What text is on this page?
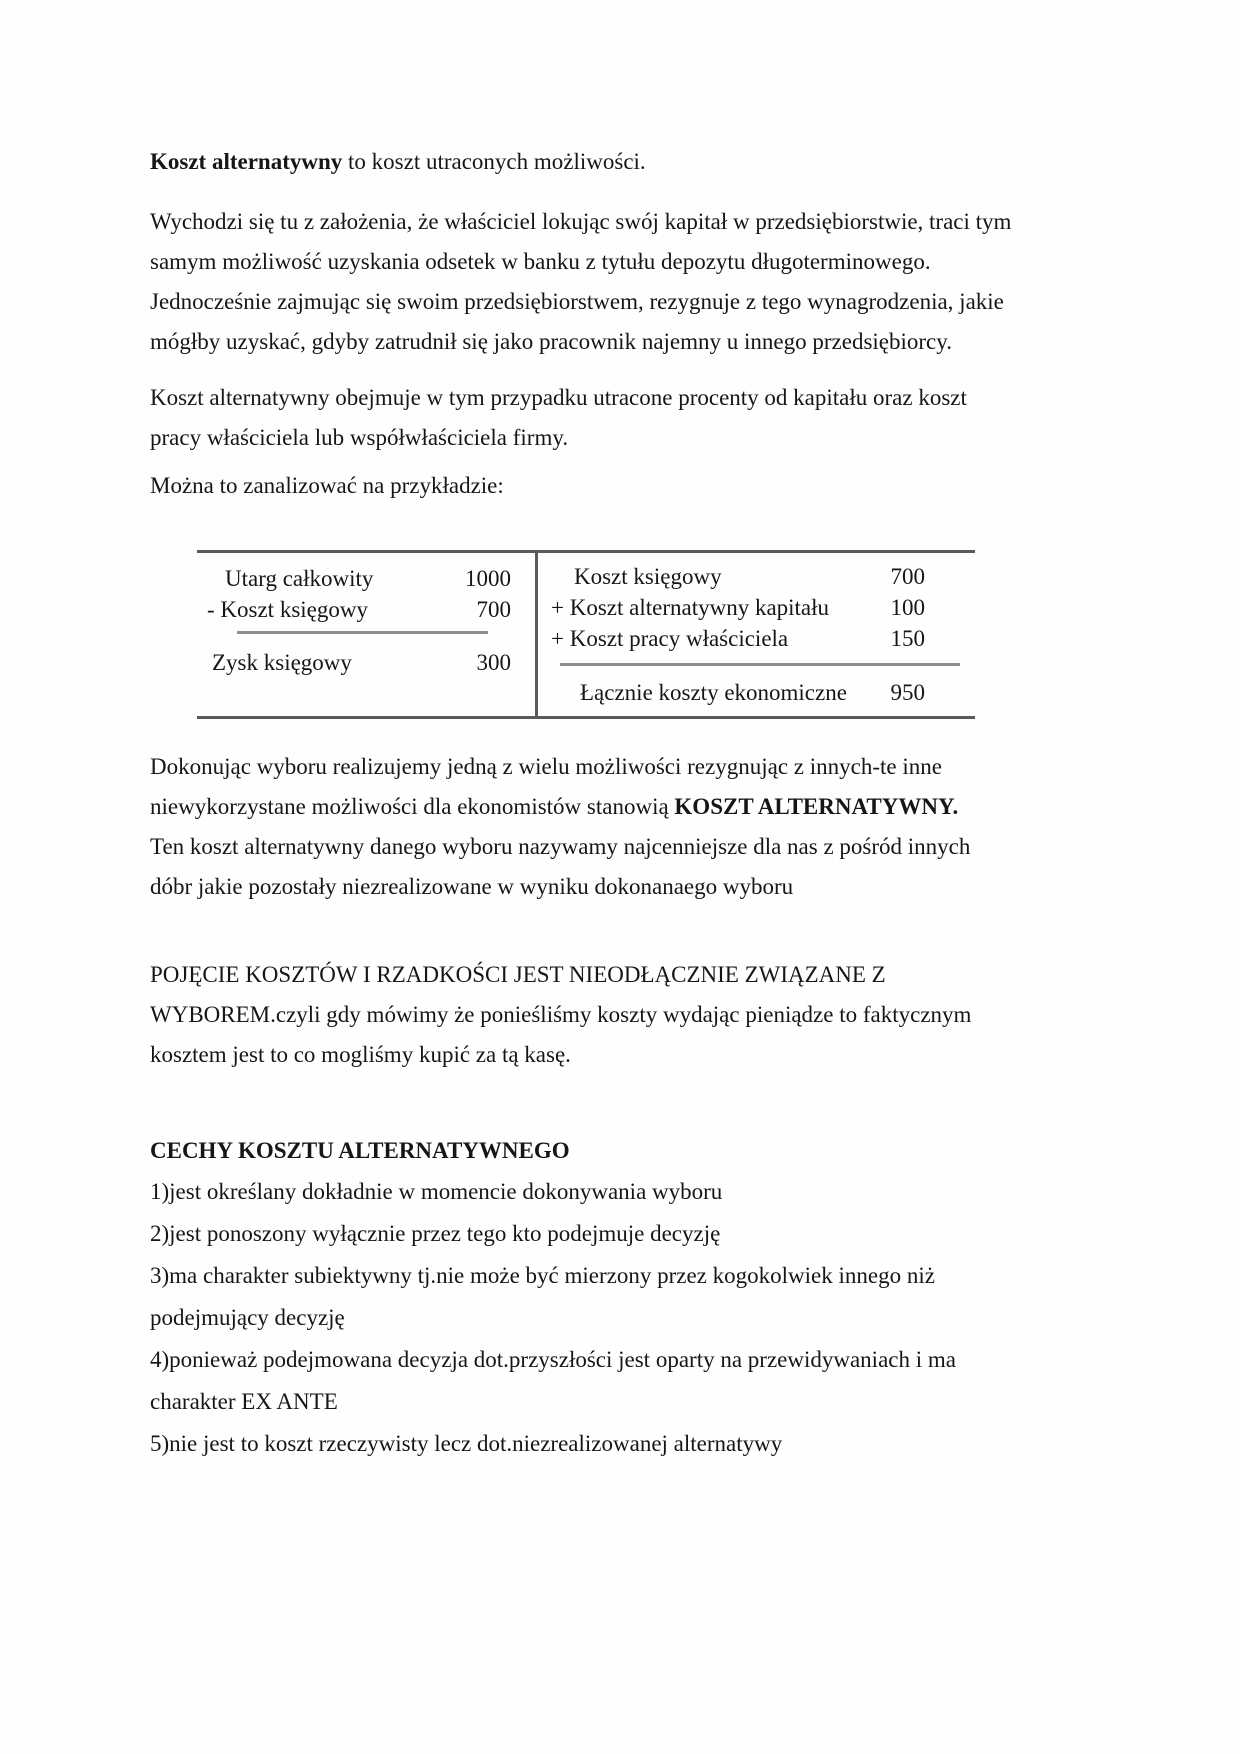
Koszt alternatywny to koszt utraconych możliwości.
Wychodzi się tu z założenia, że właściciel lokując swój kapitał w przedsiębiorstwie, traci tym
samym możliwość uzyskania odsetek w banku z tytułu depozytu długoterminowego.
Jednocześnie zajmując się swoim przedsiębiorstwem, rezygnuje z tego wynagrodzenia, jakie
mógłby uzyskać, gdyby zatrudnił się jako pracownik najemny u innego przedsiębiorcy.
Koszt alternatywny obejmuje w tym przypadku utracone procenty od kapitału oraz koszt
pracy właściciela lub współwłaściciela firmy.
Można to zanalizować na przykładzie:
Utarg całkowity	1000
- Koszt księgowy	700
Zysk księgowy	300
Koszt księgowy	700
+ Koszt alternatywny kapitału	100
+ Koszt pracy właściciela	150
Łącznie koszty ekonomiczne 950
Dokonując wyboru realizujemy jedną z wielu możliwości rezygnując z innych-te inne
niewykorzystane możliwości dla ekonomistów stanowią KOSZT ALTERNATYWNY.
Ten koszt alternatywny danego wyboru nazywamy najcenniejsze dla nas z pośród innych
dóbr jakie pozostały niezrealizowane w wyniku dokonanaego wyboru
POJĘCIE KOSZTÓW I RZADKOŚCI JEST NIEODŁĄCZNIE ZWIĄZANE Z
WYBOREM.czyli gdy mówimy że ponieśliśmy koszty wydając pieniądze to faktycznym
kosztem jest to co mogliśmy kupić za tą kasę.
CECHY KOSZTU ALTERNATYWNEGO
1)jest określany dokładnie w momencie dokonywania wyboru
2)jest ponoszony wyłącznie przez tego kto podejmuje decyzję
3)ma charakter subiektywny tj.nie może być mierzony przez kogokolwiek innego niż
podejmujący decyzję
4)ponieważ podejmowana decyzja dot.przyszłości jest oparty na przewidywaniach i ma
charakter EX ANTE
5)nie jest to koszt rzeczywisty lecz dot.niezrealizowanej alternatywy
